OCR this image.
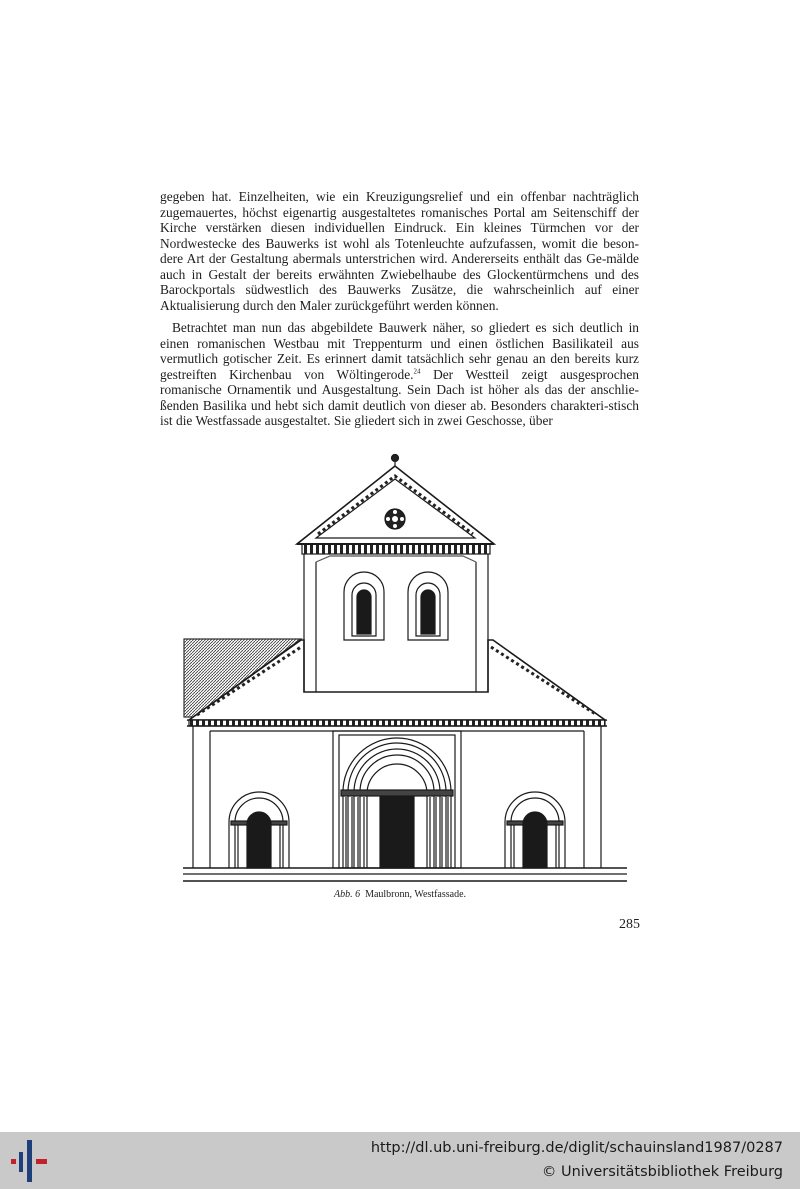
gegeben hat. Einzelheiten, wie ein Kreuzigungsrelief und ein offenbar nachträglich zugemauertes, höchst eigenartig ausgestaltetes romanisches Portal am Seitenschiff der Kirche verstärken diesen individuellen Eindruck. Ein kleines Türmchen vor der Nordwestecke des Bauwerks ist wohl als Totenleuchte aufzufassen, womit die beson-dere Art der Gestaltung abermals unterstrichen wird. Andererseits enthält das Ge-mälde auch in Gestalt der bereits erwähnten Zwiebelhaube des Glockentürmchens und des Barockportals südwestlich des Bauwerks Zusätze, die wahrscheinlich auf einer Aktualisierung durch den Maler zurückgeführt werden können.

Betrachtet man nun das abgebildete Bauwerk näher, so gliedert es sich deutlich in einen romanischen Westbau mit Treppenturm und einen östlichen Basilikateil aus vermutlich gotischer Zeit. Es erinnert damit tatsächlich sehr genau an den bereits kurz gestreiften Kirchenbau von Wöltingerode.$^{24}$ Der Westteil zeigt ausgesprochen romanische Ornamentik und Ausgestaltung. Sein Dach ist höher als das der anschlie-ßenden Basilika und hebt sich damit deutlich von dieser ab. Besonders charakteri-stisch ist die Westfassade ausgestaltet. Sie gliedert sich in zwei Geschosse, über

Abb. 6 Maulbronn, Westfassade.
285
http://dl.ub.uni-freiburg.de/diglit/schauinsland1987/0287
© Universitätsbibliothek Freiburg
